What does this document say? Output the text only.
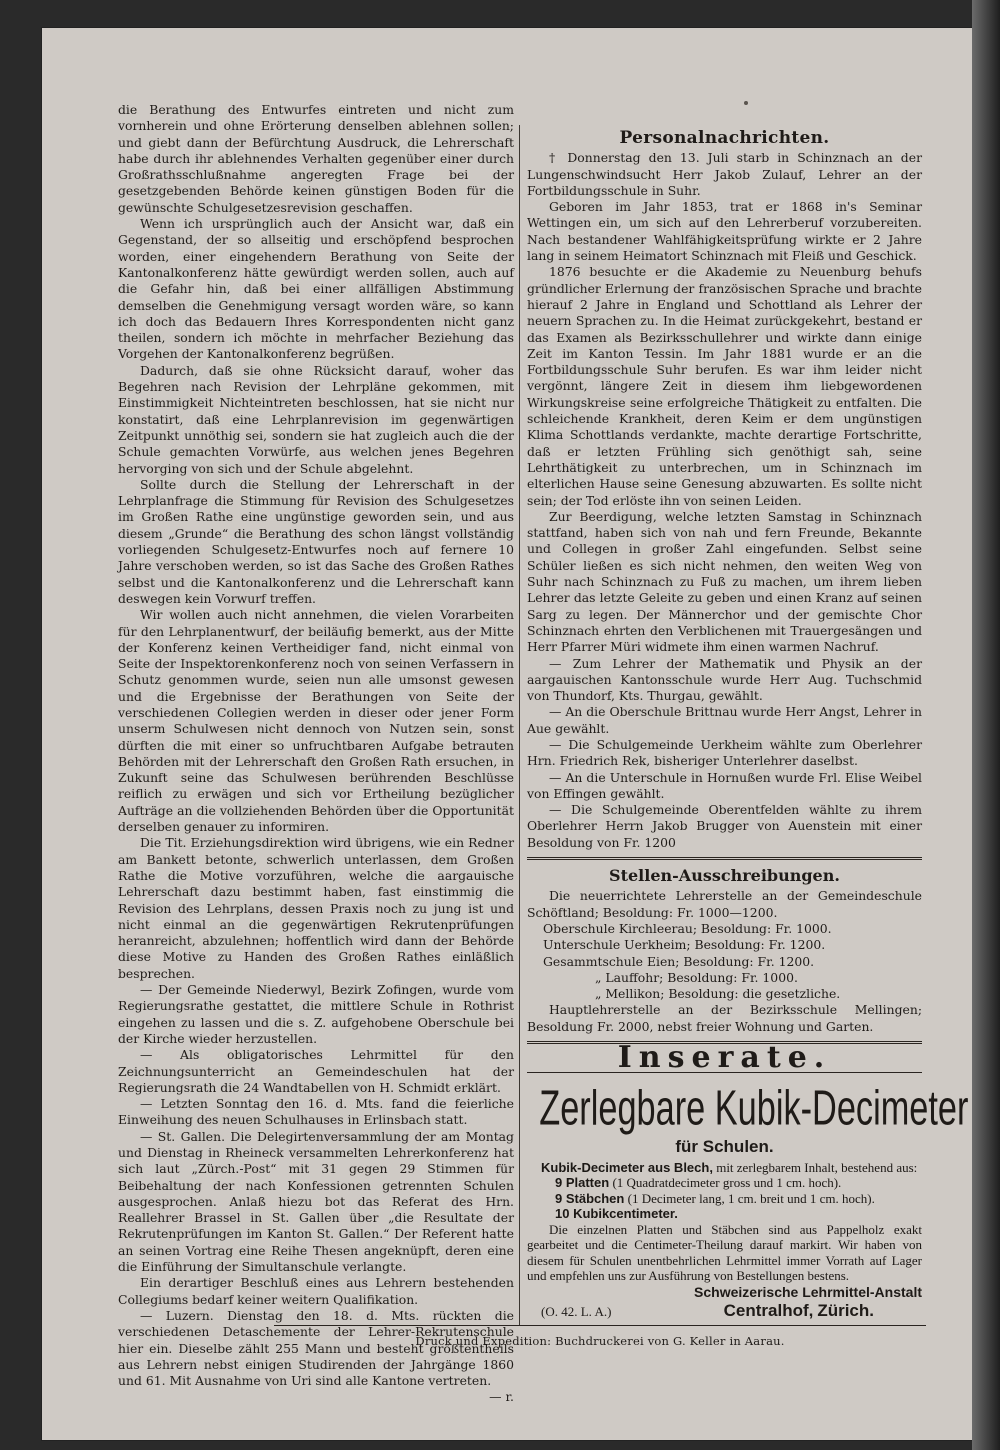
die Berathung des Entwurfes eintreten und nicht zum vornherein und ohne Erörterung denselben ablehnen sollen; und giebt dann der Befürchtung Ausdruck, die Lehrerschaft habe durch ihr ablehnendes Verhalten gegenüber einer durch Großrathsschlußnahme angeregten Frage bei der gesetzgebenden Behörde keinen günstigen Boden für die gewünschte Schulgesetzesrevision geschaffen.

Wenn ich ursprünglich auch der Ansicht war, daß ein Gegenstand, der so allseitig und erschöpfend besprochen worden, einer eingehendern Berathung von Seite der Kantonalkonferenz hätte gewürdigt werden sollen, auch auf die Gefahr hin, daß bei einer allfälligen Abstimmung demselben die Genehmigung versagt worden wäre, so kann ich doch das Bedauern Ihres Korrespondenten nicht ganz theilen, sondern ich möchte in mehrfacher Beziehung das Vorgehen der Kantonalkonferenz begrüßen.

Dadurch, daß sie ohne Rücksicht darauf, woher das Begehren nach Revision der Lehrpläne gekommen, mit Einstimmigkeit Nichteintreten beschlossen, hat sie nicht nur konstatirt, daß eine Lehrplanrevision im gegenwärtigen Zeitpunkt unnöthig sei, sondern sie hat zugleich auch die der Schule gemachten Vorwürfe, aus welchen jenes Begehren hervorging von sich und der Schule abgelehnt.

Sollte durch die Stellung der Lehrerschaft in der Lehrplanfrage die Stimmung für Revision des Schulgesetzes im Großen Rathe eine ungünstige geworden sein, und aus diesem „Grunde“ die Berathung des schon längst vollständig vorliegenden Schulgesetz-Entwurfes noch auf fernere 10 Jahre verschoben werden, so ist das Sache des Großen Rathes selbst und die Kantonalkonferenz und die Lehrerschaft kann deswegen kein Vorwurf treffen.

Wir wollen auch nicht annehmen, die vielen Vorarbeiten für den Lehrplanentwurf, der beiläufig bemerkt, aus der Mitte der Konferenz keinen Vertheidiger fand, nicht einmal von Seite der Inspektorenkonferenz noch von seinen Verfassern in Schutz genommen wurde, seien nun alle umsonst gewesen und die Ergebnisse der Berathungen von Seite der verschiedenen Collegien werden in dieser oder jener Form unserm Schulwesen nicht dennoch von Nutzen sein, sonst dürften die mit einer so unfruchtbaren Aufgabe betrauten Behörden mit der Lehrerschaft den Großen Rath ersuchen, in Zukunft seine das Schulwesen berührenden Beschlüsse reiflich zu erwägen und sich vor Ertheilung bezüglicher Aufträge an die vollziehenden Behörden über die Opportunität derselben genauer zu informiren.

Die Tit. Erziehungsdirektion wird übrigens, wie ein Redner am Bankett betonte, schwerlich unterlassen, dem Großen Rathe die Motive vorzuführen, welche die aargauische Lehrerschaft dazu bestimmt haben, fast einstimmig die Revision des Lehrplans, dessen Praxis noch zu jung ist und nicht einmal an die gegenwärtigen Rekrutenprüfungen heranreicht, abzulehnen; hoffentlich wird dann der Behörde diese Motive zu Handen des Großen Rathes einläßlich besprechen.

— Der Gemeinde Niederwyl, Bezirk Zofingen, wurde vom Regierungsrathe gestattet, die mittlere Schule in Rothrist eingehen zu lassen und die s. Z. aufgehobene Oberschule bei der Kirche wieder herzustellen.

— Als obligatorisches Lehrmittel für den Zeichnungsunterricht an Gemeindeschulen hat der Regierungsrath die 24 Wandtabellen von H. Schmidt erklärt.

— Letzten Sonntag den 16. d. Mts. fand die feierliche Einweihung des neuen Schulhauses in Erlinsbach statt.

— St. Gallen. Die Delegirtenversammlung der am Montag und Dienstag in Rheineck versammelten Lehrerkonferenz hat sich laut „Zürch.-Post“ mit 31 gegen 29 Stimmen für Beibehaltung der nach Konfessionen getrennten Schulen ausgesprochen. Anlaß hiezu bot das Referat des Hrn. Reallehrer Brassel in St. Gallen über „die Resultate der Rekrutenprüfungen im Kanton St. Gallen.“ Der Referent hatte an seinen Vortrag eine Reihe Thesen angeknüpft, deren eine die Einführung der Simultanschule verlangte.

Ein derartiger Beschluß eines aus Lehrern bestehenden Collegiums bedarf keiner weitern Qualifikation.

— Luzern. Dienstag den 18. d. Mts. rückten die verschiedenen Detaschemente der Lehrer-Rekrutenschule hier ein. Dieselbe zählt 255 Mann und besteht größtentheils aus Lehrern nebst einigen Studirenden der Jahrgänge 1860 und 61. Mit Ausnahme von Uri sind alle Kantone vertreten.

— r.
Personalnachrichten.

† Donnerstag den 13. Juli starb in Schinznach an der Lungenschwindsucht Herr Jakob Zulauf, Lehrer an der Fortbildungsschule in Suhr.

Geboren im Jahr 1853, trat er 1868 in's Seminar Wettingen ein, um sich auf den Lehrerberuf vorzubereiten. Nach bestandener Wahlfähigkeitsprüfung wirkte er 2 Jahre lang in seinem Heimatort Schinznach mit Fleiß und Geschick.

1876 besuchte er die Akademie zu Neuenburg behufs gründlicher Erlernung der französischen Sprache und brachte hierauf 2 Jahre in England und Schottland als Lehrer der neuern Sprachen zu. In die Heimat zurückgekehrt, bestand er das Examen als Bezirksschullehrer und wirkte dann einige Zeit im Kanton Tessin. Im Jahr 1881 wurde er an die Fortbildungsschule Suhr berufen. Es war ihm leider nicht vergönnt, längere Zeit in diesem ihm liebgewordenen Wirkungskreise seine erfolgreiche Thätigkeit zu entfalten. Die schleichende Krankheit, deren Keim er dem ungünstigen Klima Schottlands verdankte, machte derartige Fortschritte, daß er letzten Frühling sich genöthigt sah, seine Lehrthätigkeit zu unterbrechen, um in Schinznach im elterlichen Hause seine Genesung abzuwarten. Es sollte nicht sein; der Tod erlöste ihn von seinen Leiden.

Zur Beerdigung, welche letzten Samstag in Schinznach stattfand, haben sich von nah und fern Freunde, Bekannte und Collegen in großer Zahl eingefunden. Selbst seine Schüler ließen es sich nicht nehmen, den weiten Weg von Suhr nach Schinznach zu Fuß zu machen, um ihrem lieben Lehrer das letzte Geleite zu geben und einen Kranz auf seinen Sarg zu legen. Der Männerchor und der gemischte Chor Schinznach ehrten den Verblichenen mit Trauergesängen und Herr Pfarrer Müri widmete ihm einen warmen Nachruf.

— Zum Lehrer der Mathematik und Physik an der aargauischen Kantonsschule wurde Herr Aug. Tuchschmid von Thundorf, Kts. Thurgau, gewählt.

— An die Oberschule Brittnau wurde Herr Angst, Lehrer in Aue gewählt.

— Die Schulgemeinde Uerkheim wählte zum Oberlehrer Hrn. Friedrich Rek, bisheriger Unterlehrer daselbst.

— An die Unterschule in Hornußen wurde Frl. Elise Weibel von Effingen gewählt.

— Die Schulgemeinde Oberentfelden wählte zu ihrem Oberlehrer Herrn Jakob Brugger von Auenstein mit einer Besoldung von Fr. 1200

Stellen-Ausschreibungen.

Die neuerrichtete Lehrerstelle an der Gemeindeschule Schöftland; Besoldung: Fr. 1000—1200.

Oberschule Kirchleerau; Besoldung: Fr. 1000.

Unterschule Uerkheim; Besoldung: Fr. 1200.

Gesammtschule Eien; Besoldung: Fr. 1200.

„ Lauffohr; Besoldung: Fr. 1000.

„ Mellikon; Besoldung: die gesetzliche.

Hauptlehrerstelle an der Bezirksschule Mellingen; Besoldung Fr. 2000, nebst freier Wohnung und Garten.

Inserate.
Zerlegbare Kubik-Decimeter
für Schulen.

Kubik-Decimeter aus Blech, mit zerlegbarem Inhalt, bestehend aus:

9 Platten (1 Quadratdecimeter gross und 1 cm. hoch).

9 Stäbchen (1 Decimeter lang, 1 cm. breit und 1 cm. hoch).

10 Kubikcentimeter.

Die einzelnen Platten und Stäbchen sind aus Pappelholz exakt gearbeitet und die Centimeter-Theilung darauf markirt. Wir haben von diesem für Schulen unentbehrlichen Lehrmittel immer Vorrath auf Lager und empfehlen uns zur Ausführung von Bestellungen bestens.

Schweizerische Lehrmittel-Anstalt
(O. 42. L. A.)	Centralhof, Zürich.
Druck und Expedition: Buchdruckerei von G. Keller in Aarau.
